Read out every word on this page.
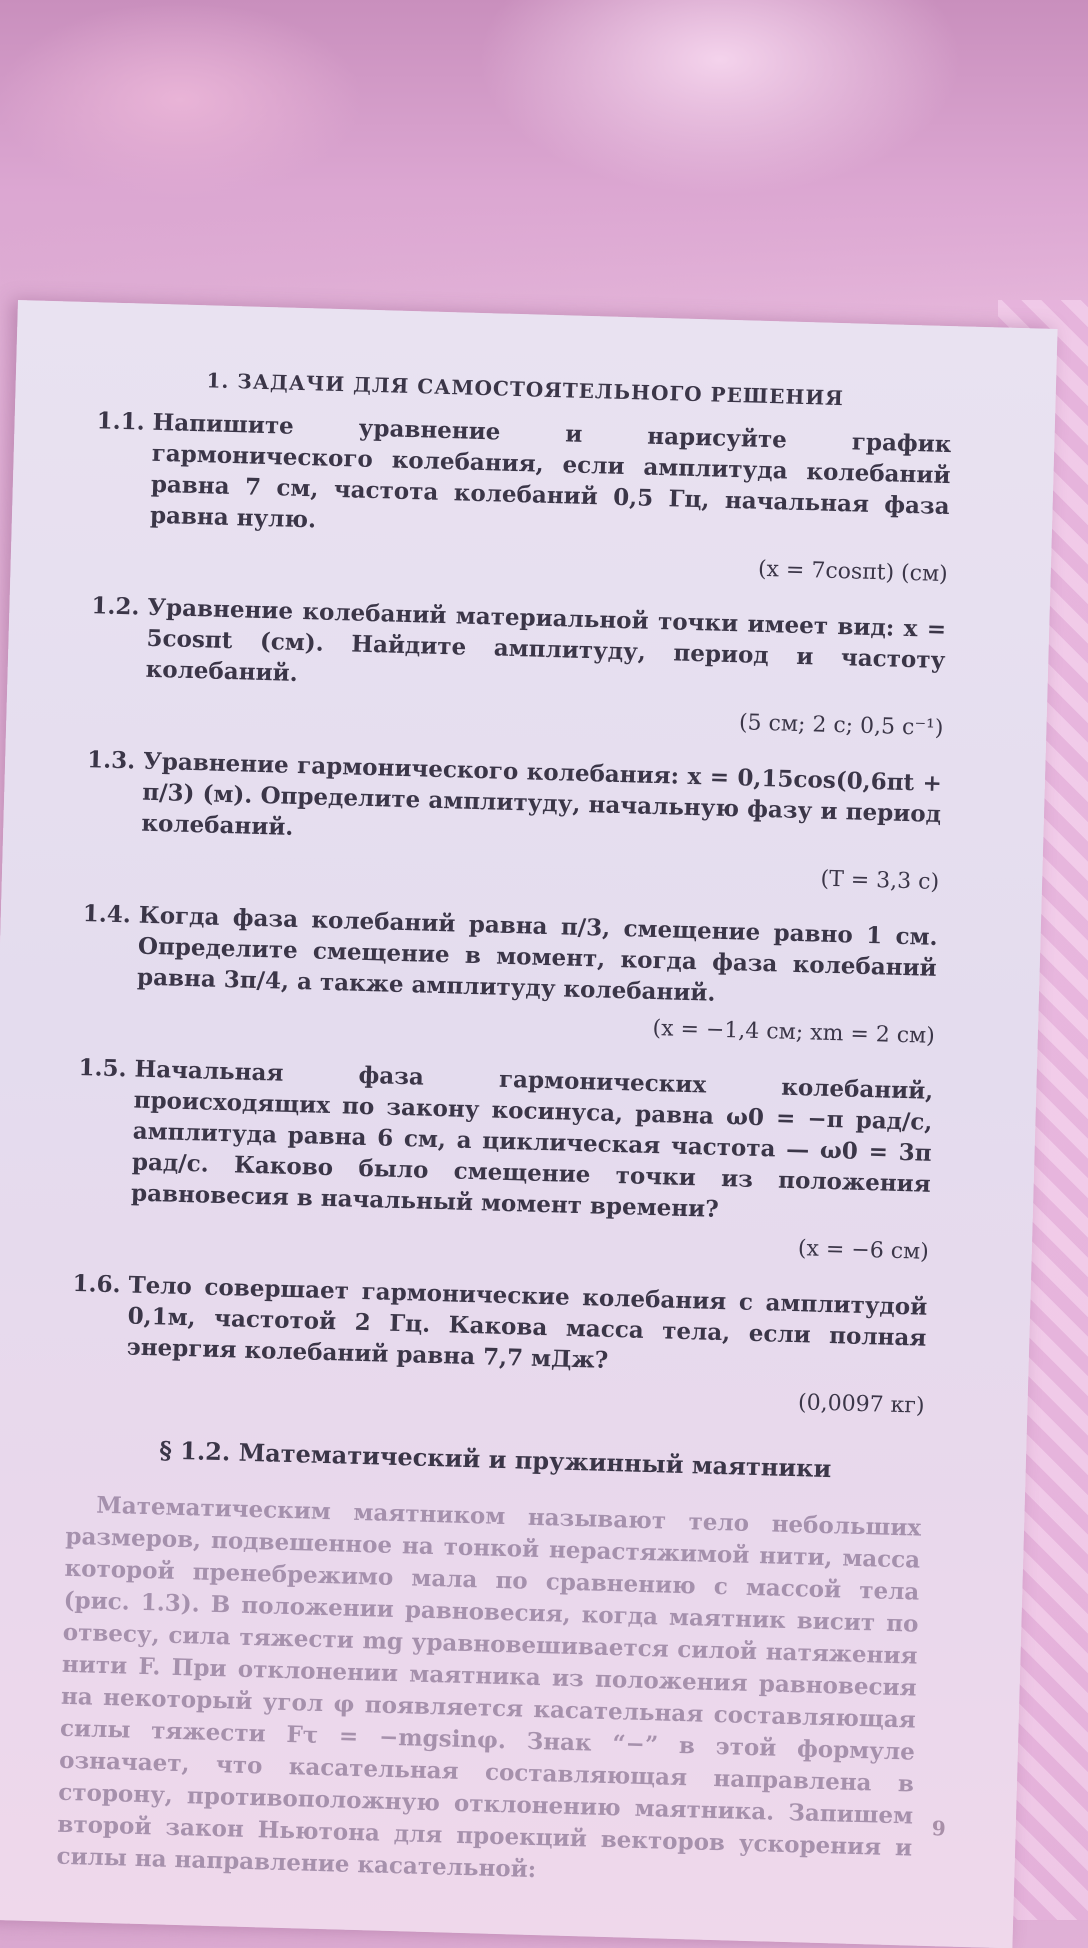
1. ЗАДАЧИ ДЛЯ САМОСТОЯТЕЛЬНОГО РЕШЕНИЯ
1.1. Напишите уравнение и нарисуйте график гармонического колебания, если амплитуда колебаний равна 7 см, частота колебаний 0,5 Гц, начальная фаза равна нулю.
(x = 7cosπt) (см)
1.2. Уравнение колебаний материальной точки имеет вид: x = 5cosπt (см). Найдите амплитуду, период и частоту колебаний.
(5 см; 2 с; 0,5 с⁻¹)
1.3. Уравнение гармонического колебания: x = 0,15cos(0,6πt + π/3) (м). Определите амплитуду, начальную фазу и период колебаний.
(T = 3,3 с)
1.4. Когда фаза колебаний равна π/3, смещение равно 1 см. Определите смещение в момент, когда фаза колебаний равна 3π/4, а также амплитуду колебаний.
(x = −1,4 см; xm = 2 см)
1.5. Начальная фаза гармонических колебаний, происходящих по закону косинуса, равна ω0 = −π рад/с, амплитуда равна 6 см, а циклическая частота — ω0 = 3π рад/с. Каково было смещение точки из положения равновесия в начальный момент времени?
(x = −6 см)
1.6. Тело совершает гармонические колебания с амплитудой 0,1м, частотой 2 Гц. Какова масса тела, если полная энергия колебаний равна 7,7 мДж?
(0,0097 кг)
§ 1.2. Математический и пружинный маятники
Математическим маятником называют тело небольших размеров, подвешенное на тонкой нерастяжимой нити, масса которой пренебрежимо мала по сравнению с массой тела (рис. 1.3). В положении равновесия, когда маятник висит по отвесу, сила тяжести mg уравновешивается силой натяжения нити F. При отклонении маятника из положения равновесия на некоторый угол φ появляется касательная составляющая силы тяжести Fτ = −mgsinφ. Знак “−” в этой формуле означает, что касательная составляющая направлена в сторону, противоположную отклонению маятника. Запишем второй закон Ньютона для проекций векторов ускорения и силы на направление касательной:
9
